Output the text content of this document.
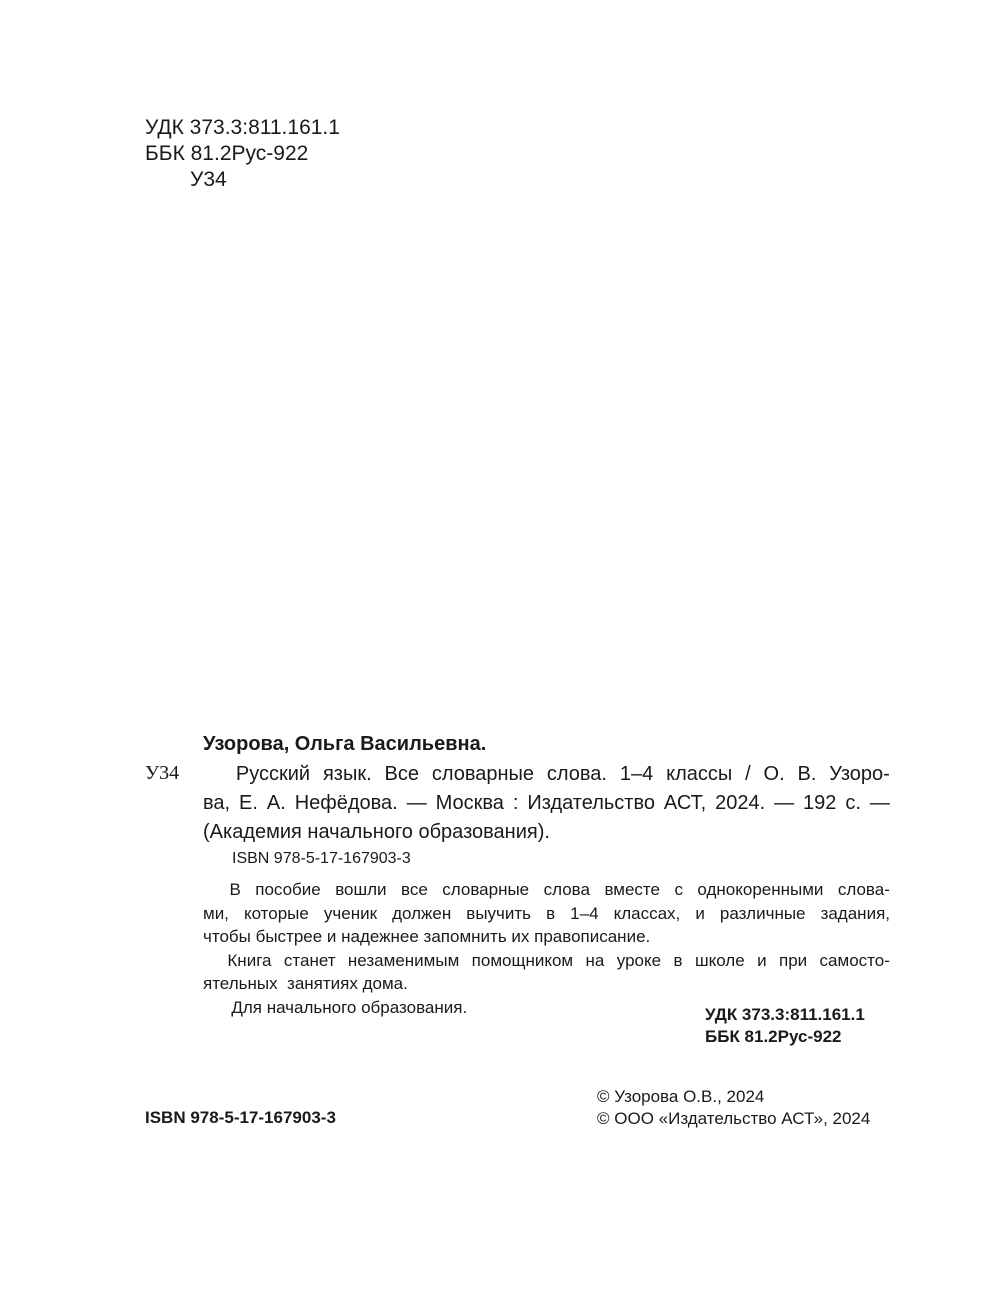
УДК 373.3:811.161.1
ББК 81.2Рус-922
У34
Узорова, Ольга Васильевна.
У34	Русский язык. Все словарные слова. 1–4 классы / О. В. Узоро-
ва, Е. А. Нефёдова. — Москва : Издательство АСТ, 2024. — 192 с. —
(Академия начального образования).
ISBN 978-5-17-167903-3
В пособие вошли все словарные слова вместе с однокоренными слова-
ми, которые ученик должен выучить в 1–4 классах, и различные задания,
чтобы быстрее и надежнее запомнить их правописание.
Книга станет незаменимым помощником на уроке в школе и при самосто-
ятельных  занятиях дома.
Для начального образования.	УДК 373.3:811.161.1
ББК 81.2Рус-922
ISBN 978-5-17-167903-3
© Узорова О.В., 2024
© ООО «Издательство АСТ», 2024
